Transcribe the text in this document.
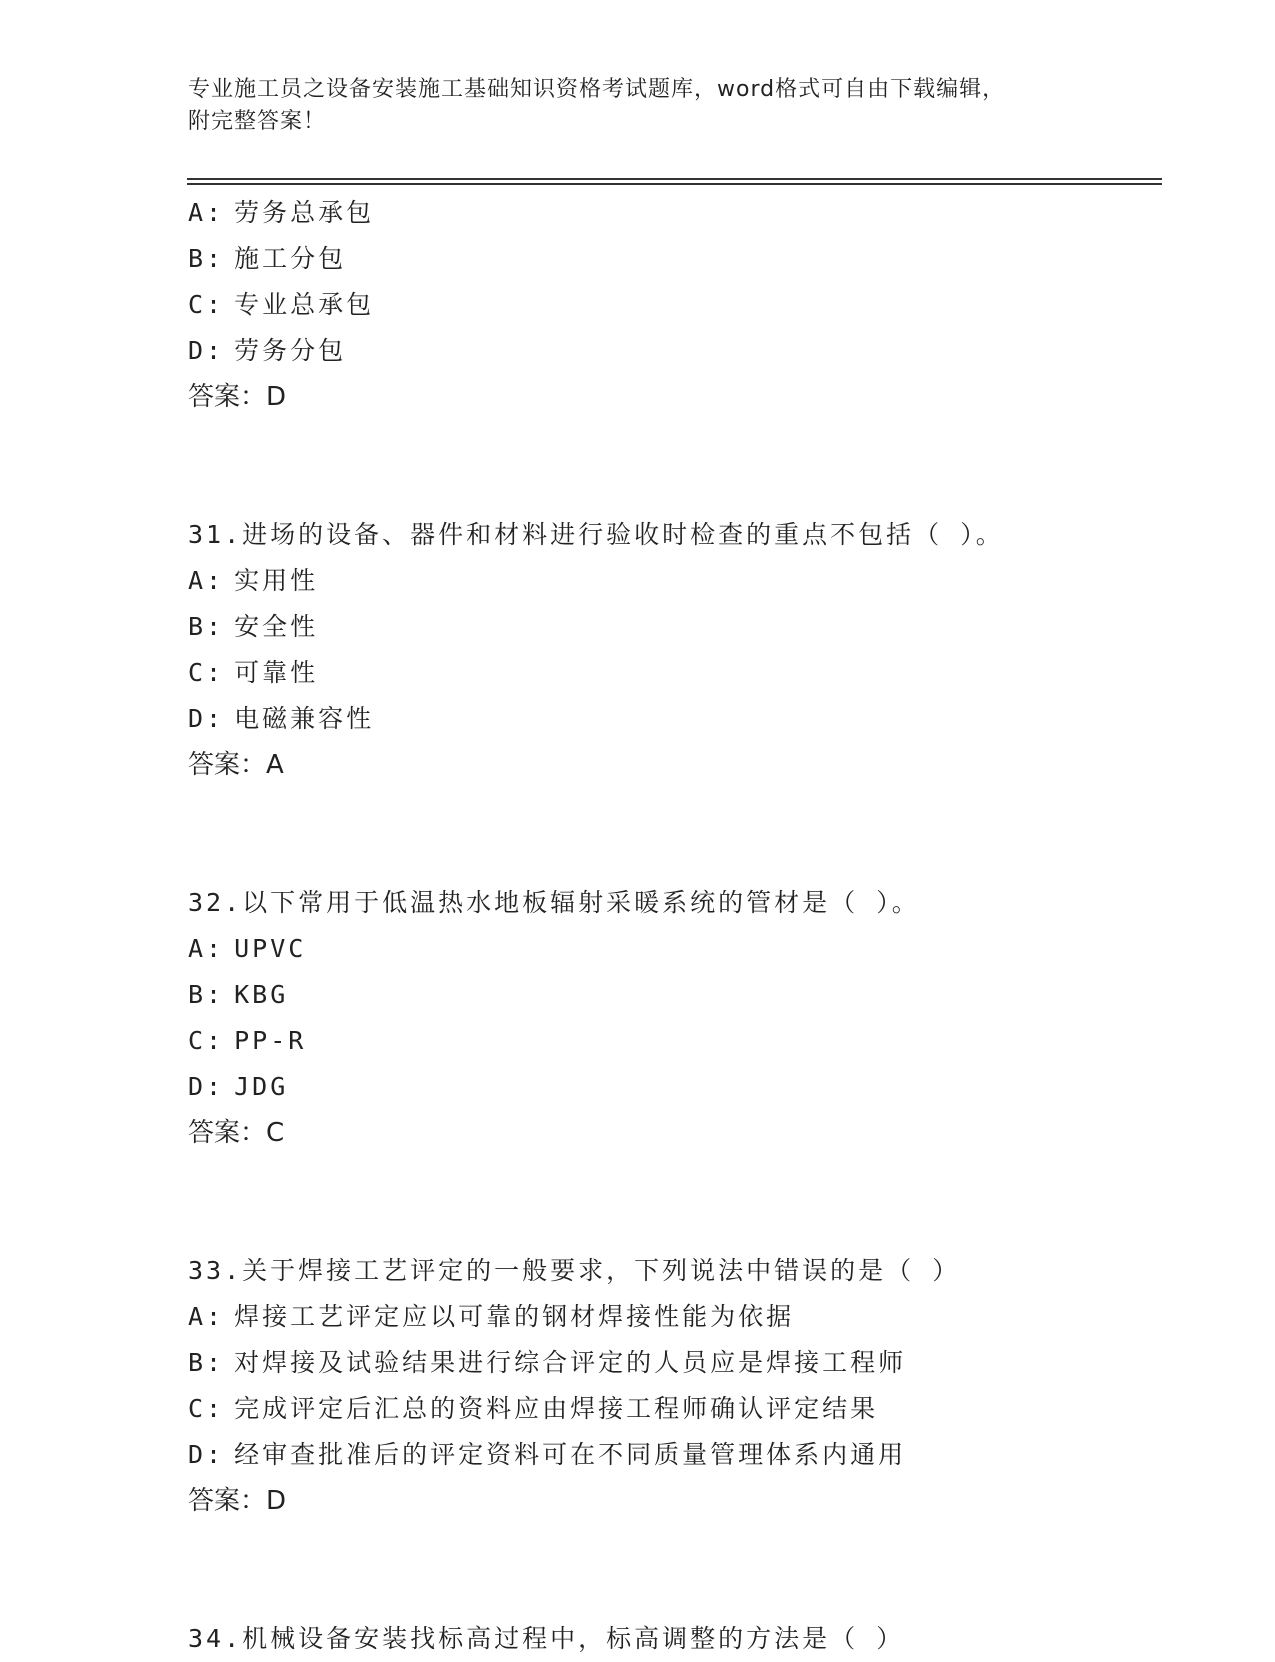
专业施工员之设备安装施工基础知识资格考试题库，word格式可自由下载编辑，
附完整答案！
A: 劳务总承包
B: 施工分包
C: 专业总承包
D: 劳务分包
答案：D
31.进场的设备、器件和材料进行验收时检查的重点不包括（ ）。
A: 实用性
B: 安全性
C: 可靠性
D: 电磁兼容性
答案：A
32.以下常用于低温热水地板辐射采暖系统的管材是（ ）。
A: UPVC
B: KBG
C: PP-R
D: JDG
答案：C
33.关于焊接工艺评定的一般要求，下列说法中错误的是（ ）
A: 焊接工艺评定应以可靠的钢材焊接性能为依据
B: 对焊接及试验结果进行综合评定的人员应是焊接工程师
C: 完成评定后汇总的资料应由焊接工程师确认评定结果
D: 经审查批准后的评定资料可在不同质量管理体系内通用
答案：D
34.机械设备安装找标高过程中，标高调整的方法是（ ）
